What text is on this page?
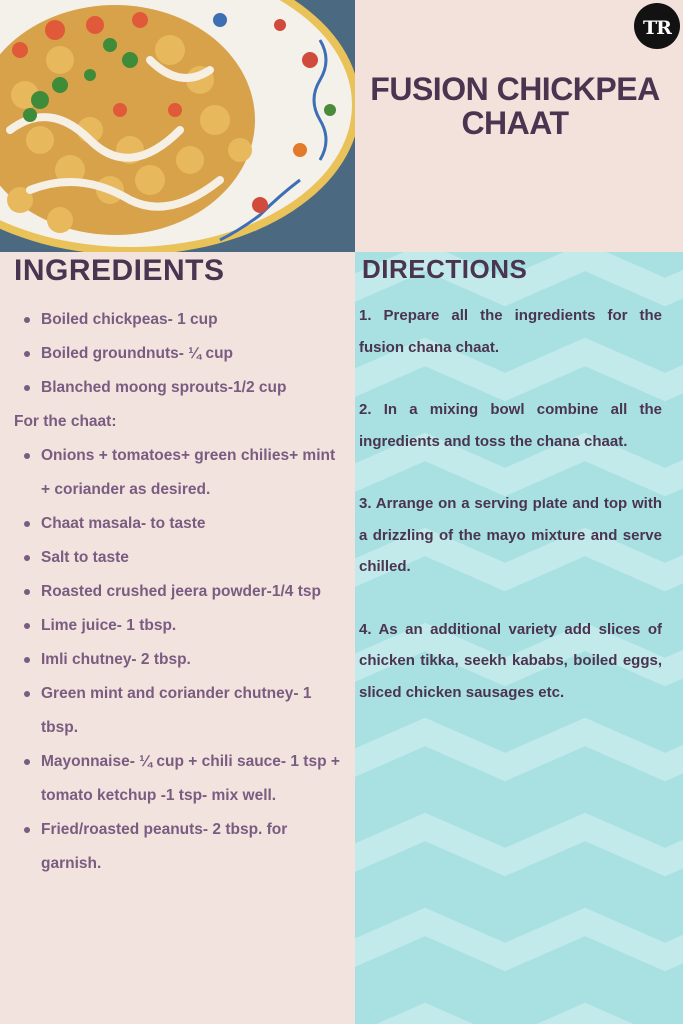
TR
FUSION CHICKPEA CHAAT
INGREDIENTS	DIRECTIONS
Boiled chickpeas- 1 cup
Boiled groundnuts- ¼ cup
Blanched moong sprouts-1/2 cup

For the chaat:

Onions + tomatoes+ green chilies+ mint + coriander as desired.
Chaat masala- to taste
Salt to taste
Roasted crushed jeera powder-1/4 tsp
Lime juice- 1 tbsp.
Imli chutney- 2 tbsp.
Green mint and coriander chutney- 1 tbsp.
Mayonnaise- ¼ cup + chili sauce- 1 tsp + tomato ketchup -1 tsp- mix well.
Fried/roasted peanuts- 2 tbsp. for garnish.

1. Prepare all the ingredients for the fusion chana chaat.

2. In a mixing bowl combine all the ingredients and toss the chana chaat.

3. Arrange on a serving plate and top with a drizzling of the mayo mixture and serve chilled.

4. As an additional variety add slices of chicken tikka, seekh kababs, boiled eggs, sliced chicken sausages etc.
